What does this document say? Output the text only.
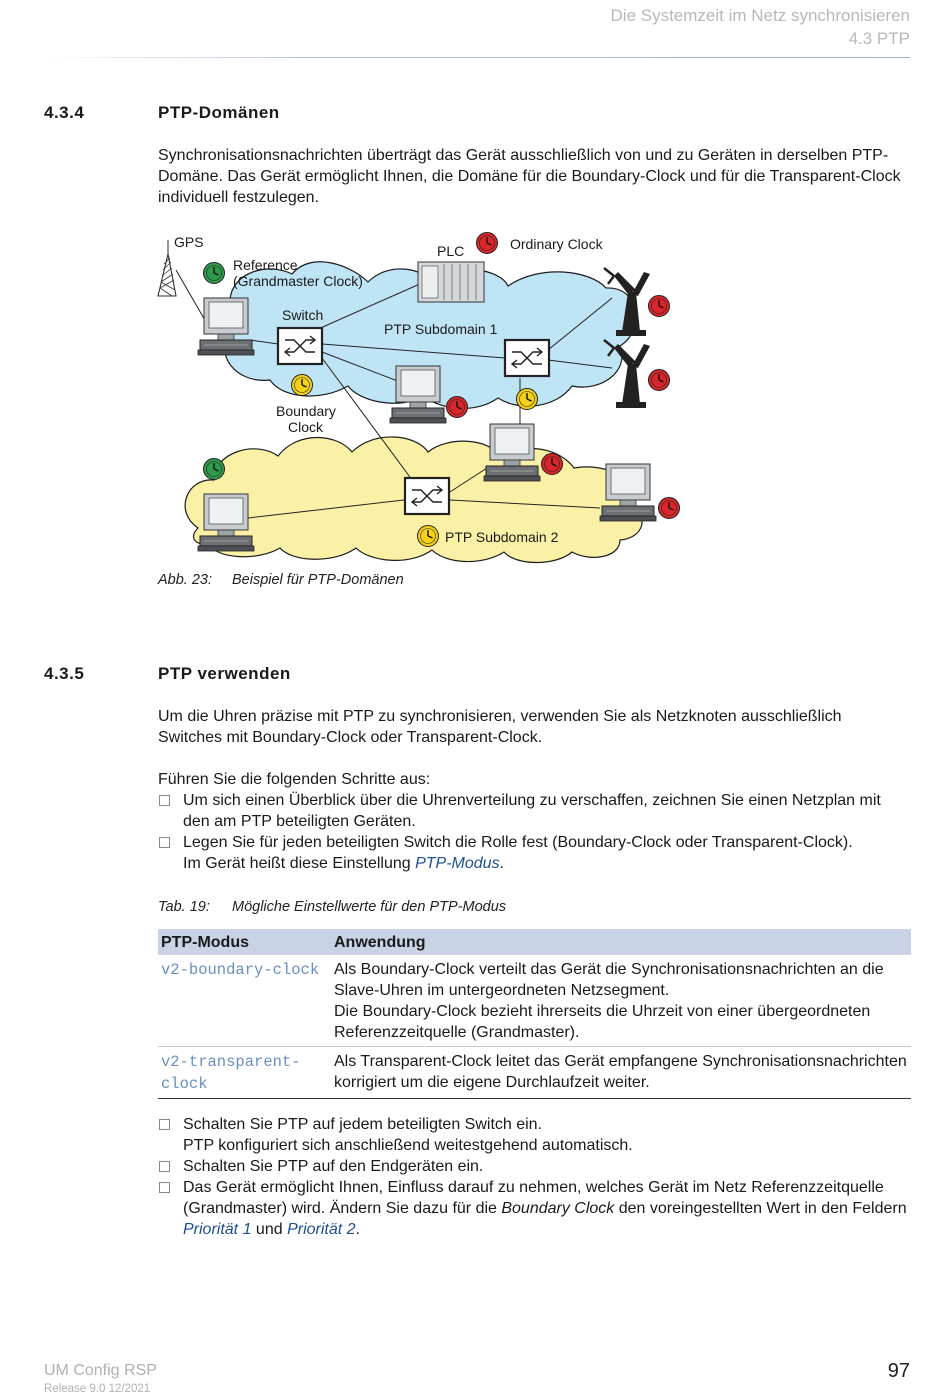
Die Systemzeit im Netz synchronisieren
4.3 PTP
4.3.4	PTP-Domänen
Synchronisationsnachrichten überträgt das Gerät ausschließlich von und zu Geräten in derselben PTP-Domäne. Das Gerät ermöglicht Ihnen, die Domäne für die Boundary-Clock und für die Transparent-Clock individuell festzulegen.
GPS
Reference
(Grandmaster Clock)
PLC	Ordinary Clock
Switch
PTP Subdomain 1
Boundary
Clock
PTP Subdomain 2
Abb. 23: Beispiel für PTP-Domänen
4.3.5	PTP verwenden
Um die Uhren präzise mit PTP zu synchronisieren, verwenden Sie als Netzknoten ausschließlich Switches mit Boundary-Clock oder Transparent-Clock.
Führen Sie die folgenden Schritte aus:
Um sich einen Überblick über die Uhrenverteilung zu verschaffen, zeichnen Sie einen Netzplan mit den am PTP beteiligten Geräten.
Legen Sie für jeden beteiligten Switch die Rolle fest (Boundary-Clock oder Transparent-Clock).
Im Gerät heißt diese Einstellung PTP-Modus.
Tab. 19: Mögliche Einstellwerte für den PTP-Modus
PTP-Modus	Anwendung
v2-boundary-clock	Als Boundary-Clock verteilt das Gerät die Synchronisationsnachrichten an die Slave-Uhren im untergeordneten Netzsegment.
Die Boundary-Clock bezieht ihrerseits die Uhrzeit von einer übergeordneten Referenzzeitquelle (Grandmaster).
v2-transparent-
clock	Als Transparent-Clock leitet das Gerät empfangene Synchronisationsnachrichten korrigiert um die eigene Durchlaufzeit weiter.
Schalten Sie PTP auf jedem beteiligten Switch ein.
PTP konfiguriert sich anschließend weitestgehend automatisch.
Schalten Sie PTP auf den Endgeräten ein.
Das Gerät ermöglicht Ihnen, Einfluss darauf zu nehmen, welches Gerät im Netz Referenzzeitquelle (Grandmaster) wird. Ändern Sie dazu für die Boundary Clock den voreingestellten Wert in den Feldern Priorität 1 und Priorität 2.
UM Config RSP
Release 9.0 12/2021
97
